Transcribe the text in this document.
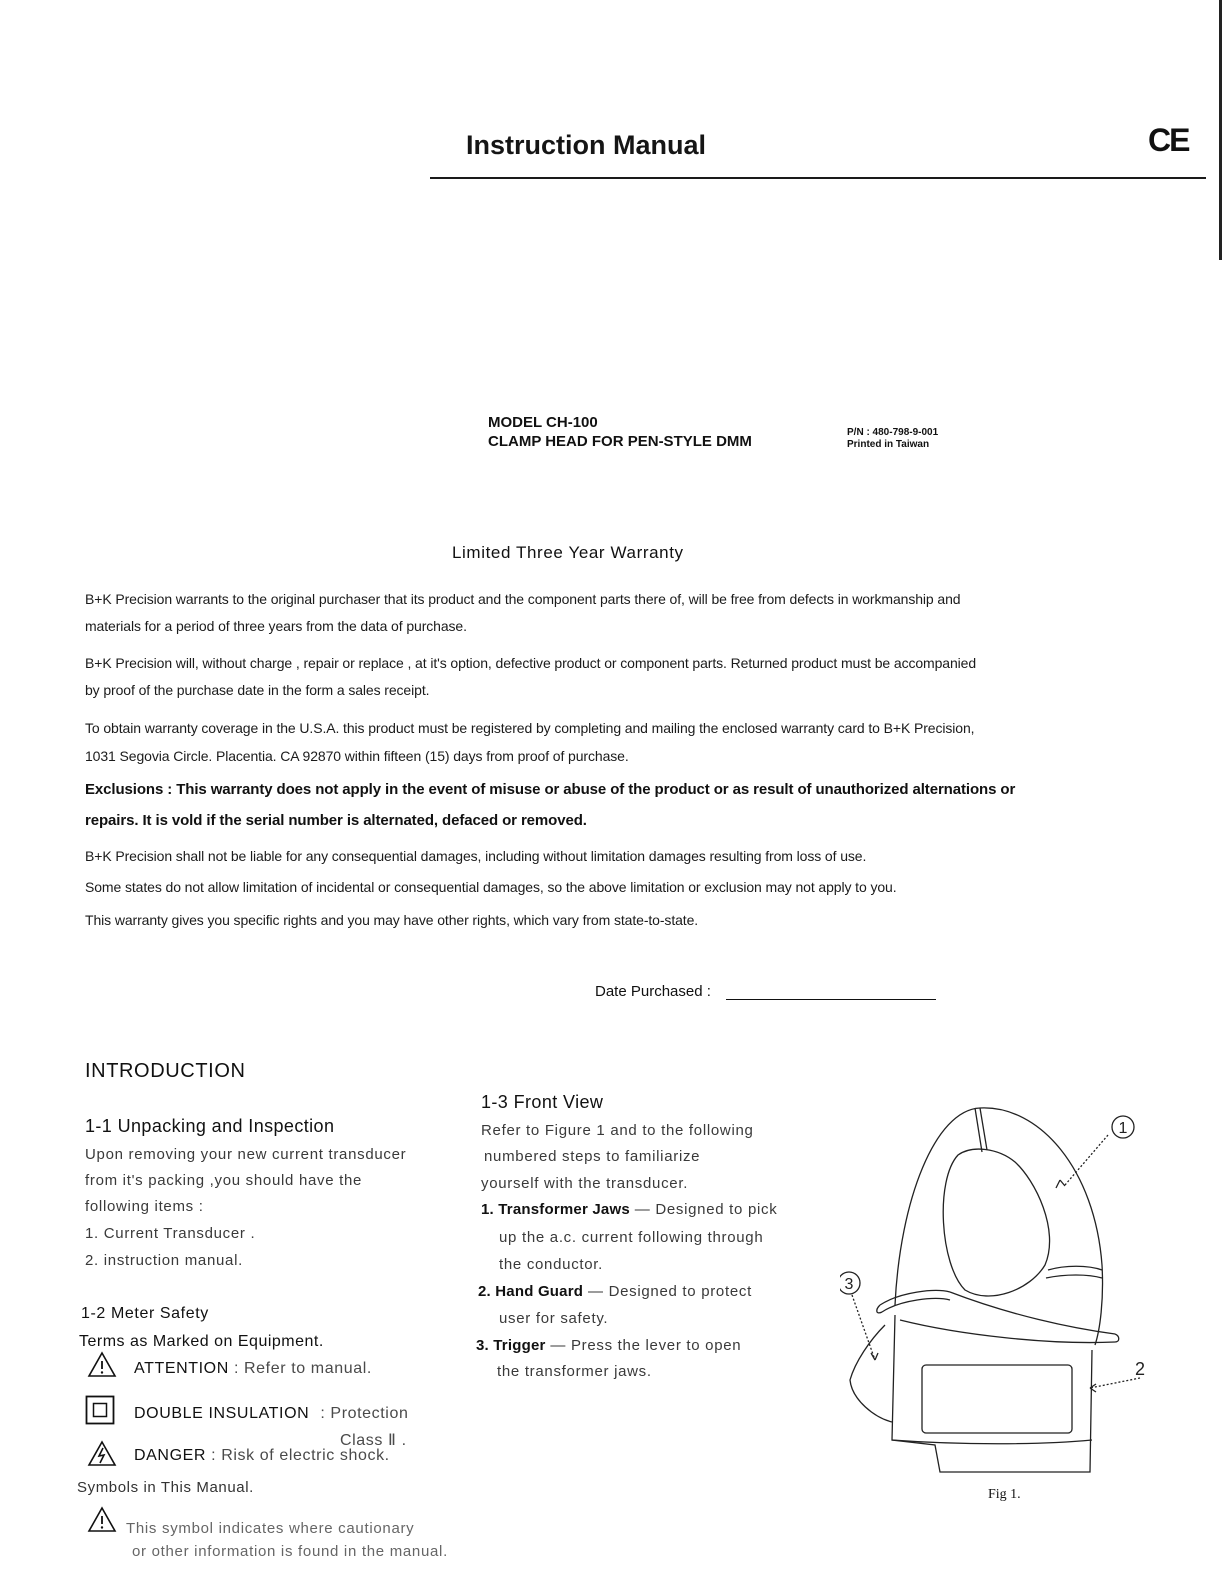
Instruction Manual	CE
MODEL CH-100
CLAMP HEAD FOR PEN-STYLE DMM
P/N : 480-798-9-001
Printed in Taiwan
Limited Three Year Warranty
B+K Precision warrants to the original purchaser that its product and the component parts there of, will be free from defects in workmanship and
materials for a period of three years from the data of purchase.
B+K Precision will, without charge , repair or replace , at it's option, defective product or component parts. Returned product must be accompanied
by proof of the purchase date in the form a sales receipt.
To obtain warranty coverage in the U.S.A. this product must be registered by completing and mailing the enclosed warranty card to B+K Precision,
1031 Segovia Circle. Placentia. CA 92870 within fifteen (15) days from proof of purchase.
Exclusions : This warranty does not apply in the event of misuse or abuse of the product or as result of unauthorized alternations or
repairs. It is vold if the serial number is alternated, defaced or removed.
B+K Precision shall not be liable for any consequential damages, including without limitation damages resulting from loss of use.
Some states do not allow limitation of incidental or consequential damages, so the above limitation or exclusion may not apply to you.
This warranty gives you specific rights and you may have other rights, which vary from state-to-state.
Date Purchased :
INTRODUCTION
1-1 Unpacking and Inspection
Upon removing your new current transducer
from it's packing ,you should have the
following items :
1. Current Transducer .
2. instruction manual.
1-2 Meter Safety
Terms as Marked on Equipment.
ATTENTION : Refer to manual.
DOUBLE INSULATION : Protection
Class Ⅱ .
DANGER : Risk of electric shock.
Symbols in This Manual.
This symbol indicates where cautionary
or other information is found in the manual.
1-3 Front View
Refer to Figure 1 and to the following
numbered steps to familiarize
yourself with the transducer.
1. Transformer Jaws — Designed to pick
up the a.c. current following through
the conductor.
2. Hand Guard — Designed to protect
user for safety.
3. Trigger — Press the lever to open
the transformer jaws.
1
2
3
Fig 1.
